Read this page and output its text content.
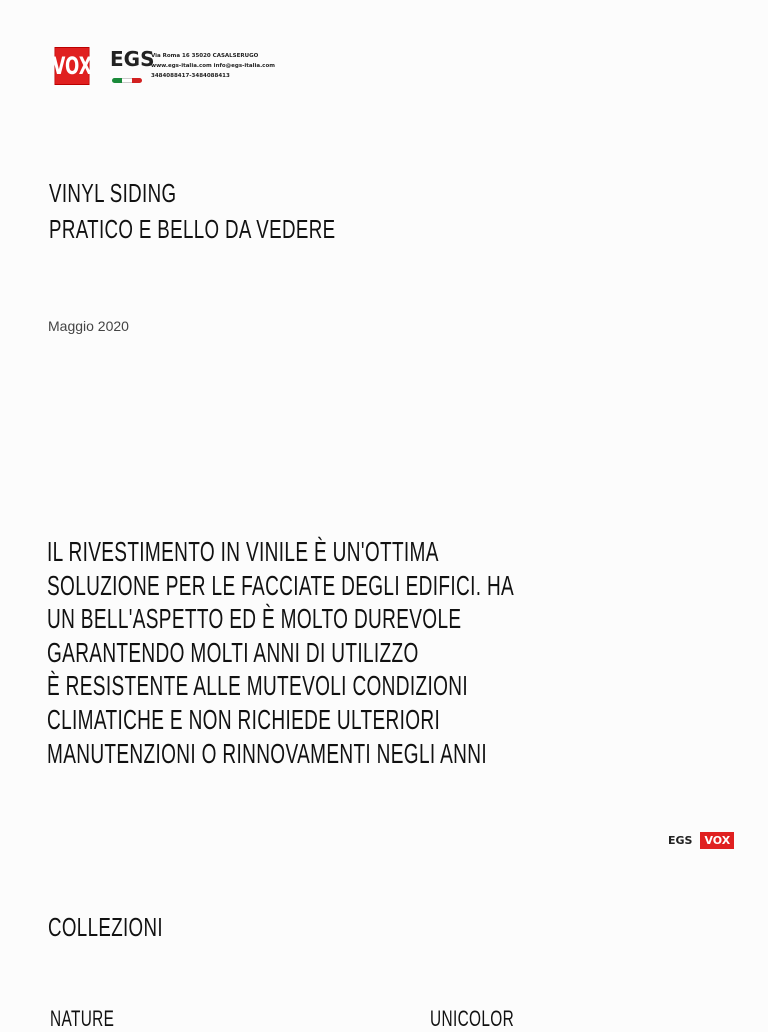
VOX EGS
Via Roma 16 35020 CASALSERUGO
www.egs-italia.com info@egs-italia.com
3484088417-3484088413
VINYL SIDING
PRATICO E BELLO DA VEDERE
Maggio 2020
IL RIVESTIMENTO IN VINILE È UN'OTTIMA
SOLUZIONE PER LE FACCIATE DEGLI EDIFICI. HA
UN BELL'ASPETTO ED È MOLTO DUREVOLE
GARANTENDO MOLTI ANNI DI UTILIZZO
È RESISTENTE ALLE MUTEVOLI CONDIZIONI
CLIMATICHE E NON RICHIEDE ULTERIORI
MANUTENZIONI O RINNOVAMENTI NEGLI ANNI
EGS	VOX
COLLEZIONI
NATURE	UNICOLOR
